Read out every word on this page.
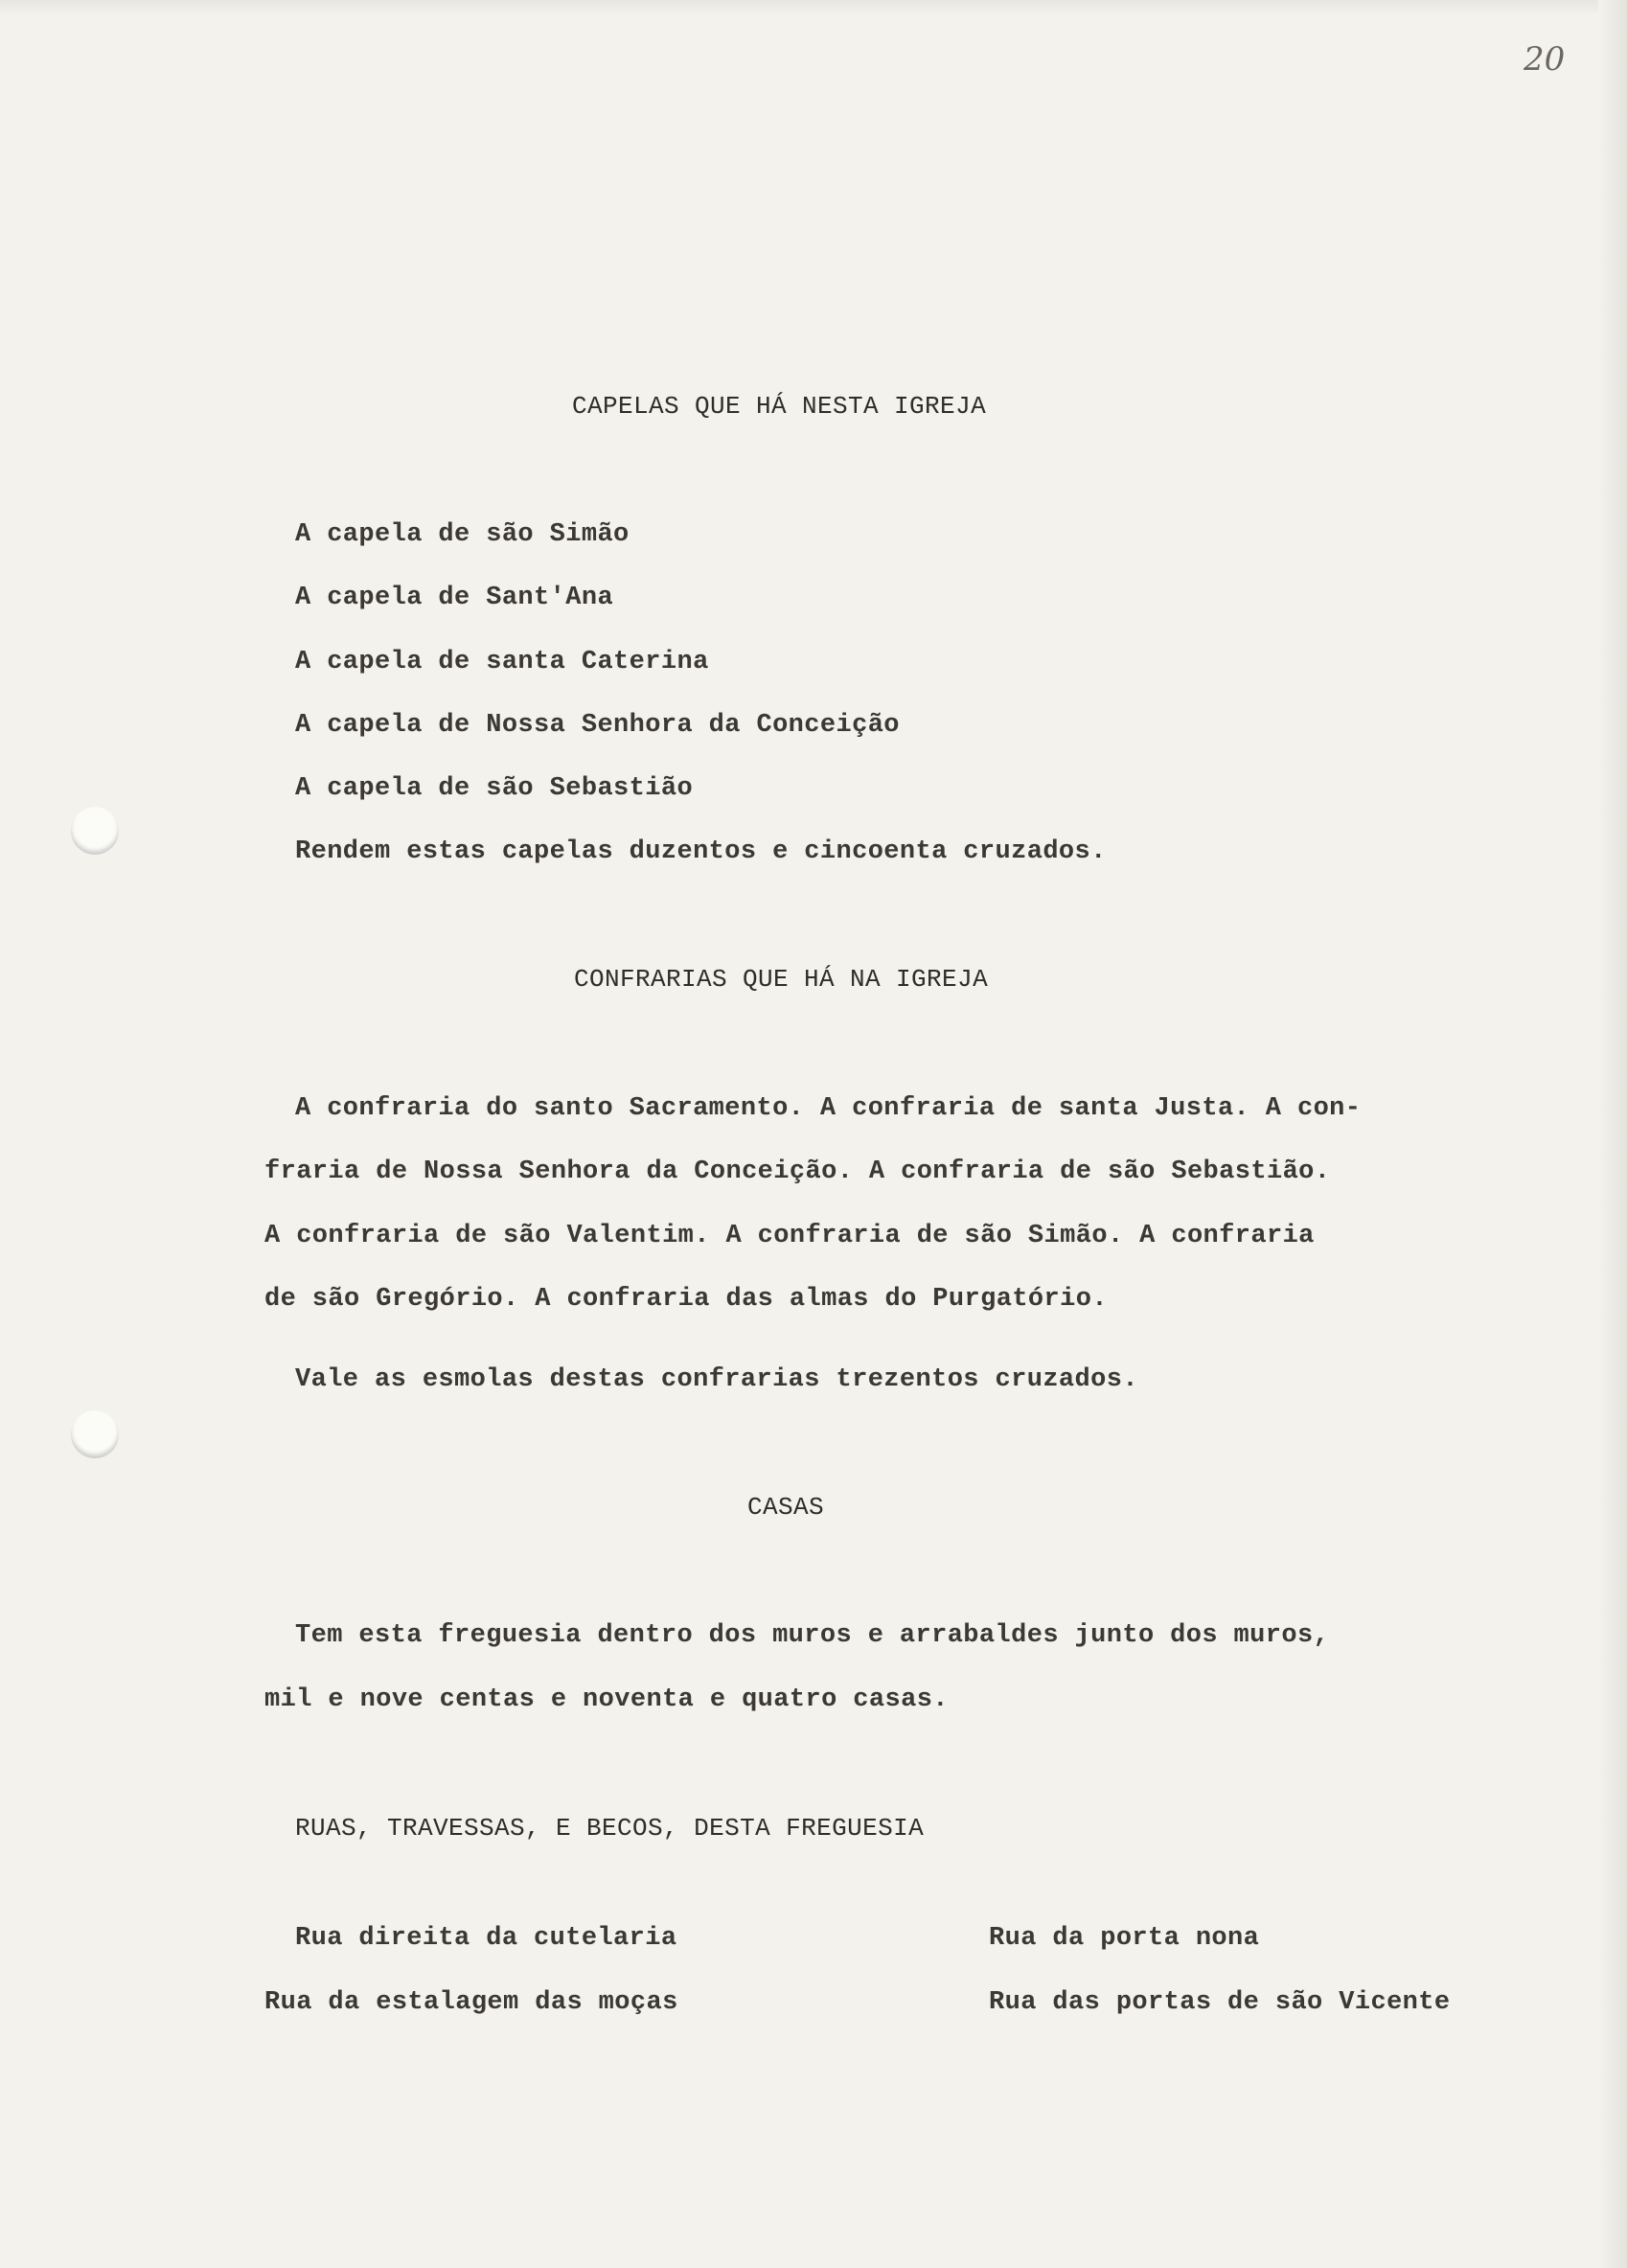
20
CAPELAS QUE HÁ NESTA IGREJA
A capela de são Simão
A capela de Sant'Ana
A capela de santa Caterina
A capela de Nossa Senhora da Conceição
A capela de são Sebastião
Rendem estas capelas duzentos e cincoenta cruzados.
CONFRARIAS QUE HÁ NA IGREJA
A confraria do santo Sacramento. A confraria de santa Justa. A con-
fraria de Nossa Senhora da Conceição. A confraria de são Sebastião.
A confraria de são Valentim. A confraria de são Simão. A confraria
de são Gregório. A confraria das almas do Purgatório.
Vale as esmolas destas confrarias trezentos cruzados.
CASAS
Tem esta freguesia dentro dos muros e arrabaldes junto dos muros,
mil e nove centas e noventa e quatro casas.
RUAS, TRAVESSAS, E BECOS, DESTA FREGUESIA
Rua direita da cutelaria
Rua da estalagem das moças
Rua da porta nona
Rua das portas de são Vicente
